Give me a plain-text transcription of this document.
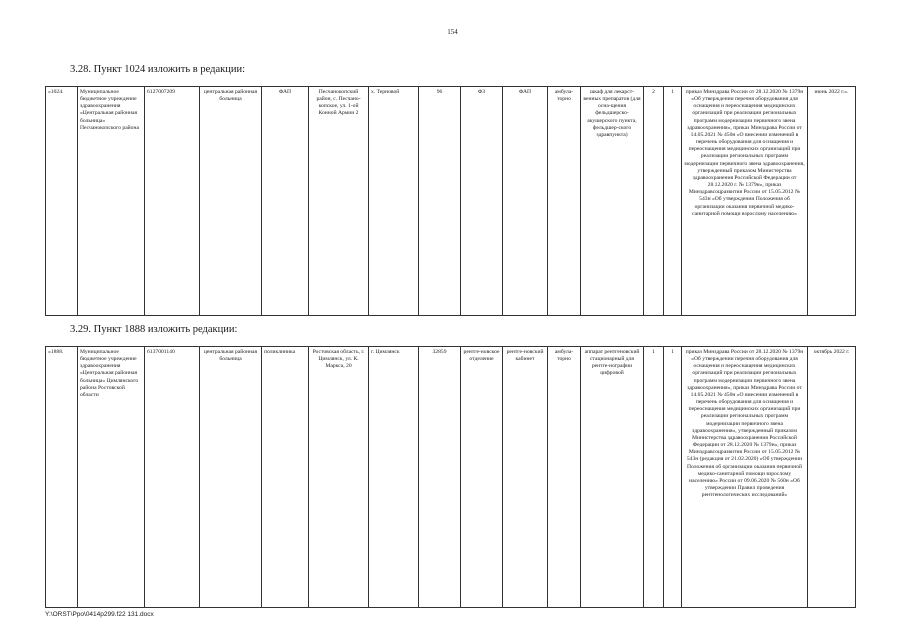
154
3.28. Пункт 1024 изложить в редакции:
«1024.	Муниципальное бюджетное учреждение здравоохранения «Центральная районная больница» Песчанокопского района	6127007209	центральная районная больница	ФАП	Песчанокопский район, с. Песчано-копское, ул. 1-ой Конной Армии 2	х. Терновой	96	ФЗ	ФАП	амбула-торно	шкаф для лекарст-венных препаратов (для осна-щения фельдшерско-акушерского пункта, фельдшер-ского здравпункта)	2	1	приказ Минздрава России от 28.12.2020 № 1379н «Об утверждении перечня оборудования для оснащения и переоснащения медицинских организаций при реализации региональных программ модернизации первичного звена здравоохранения», приказ Минздрава России от 14.05.2021 № 450н «О внесении изменений в перечень оборудования для оснащения и переоснащения медицинских организаций при реализации региональных программ модернизации первичного звена здравоохранения, утвержденный приказом Министерства здравоохранения Российской Федерации от 28.12.2020 г. № 1379н», приказ Минздравсоцразвития России от 15.05.2012 № 543н «Об утверждении Положения об организации оказания первичной медико-санитарной помощи взрослому населению»	июнь 2022 г.».
3.29. Пункт 1888 изложить редакции:
«1888.	Муниципальное бюджетное учреждение здравоохранения «Центральная районная больница» Цимлянского района Ростовской области	6137001140	центральная районная больница	поликлиника	Ростовская область, г. Цимлянск, ул. К. Маркса, 20	г. Цимлянск	32859	рентге-новское отделение	рентге-новский кабинет	амбула-торно	аппарат рентгеновский стационарный для рентге-нографии цифровой	1	1	приказ Минздрава России от 28.12.2020 № 1379н «Об утверждении перечня оборудования для оснащения и переоснащения медицинских организаций при реализации региональных программ модернизации первичного звена здравоохранения», приказ Минздрава России от 14.05.2021 № 450н «О внесении изменений в перечень оборудования для оснащения и переоснащения медицинских организаций при реализации региональных программ модернизации первичного звена здравоохранения», утвержденный приказом Министерства здравоохранения Российской Федерации от 28.12.2020 № 1379н», приказ Минздравсоцразвития России от 15.05.2012 № 543н (редакция от 21.02.2020) «Об утверждении Положения об организации оказания первичной медико-санитарной помощи взрослому населению» России от 09.06.2020 № 560н «Об утверждении Правил проведения рентгенологических исследований»	октябрь 2022 г.
Y:\ORST\Ppo\0414p299.f22 131.docx
